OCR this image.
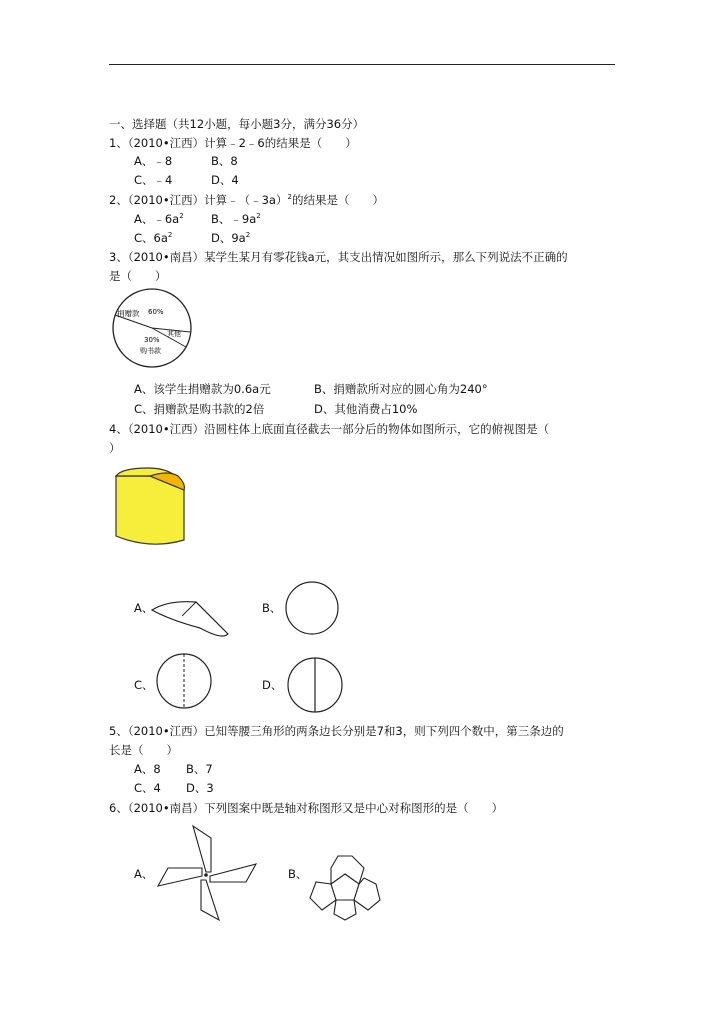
一、选择题（共12小题，每小题3分，满分36分）
1、（2010•江西）计算﹣2﹣6的结果是（　　）
A、﹣8	B、8
C、﹣4	D、4
2、（2010•江西）计算﹣（﹣3a）$^2$的结果是（　　）
A、$﹣6a^2$ B、$﹣9a^2$
C、$6a^2$	D、$9a^2$
3、（2010•南昌）某学生某月有零花钱a元，其支出情况如图所示，那么下列说法不正确的
是（　　）
捐赠款 60%
其他
30%
购书款
A、该学生捐赠款为0.6a元	B、捐赠款所对应的圆心角为240°
C、捐赠款是购书款的2倍	D、其他消费占10%
4、（2010•江西）沿圆柱体上底面直径截去一部分后的物体如图所示，它的俯视图是（
）
A、	B、
C、	D、
5、（2010•江西）已知等腰三角形的两条边长分别是7和3，则下列四个数中，第三条边的
长是（　　）
A、8 B、7
C、4 D、3
6、（2010•南昌）下列图案中既是轴对称图形又是中心对称图形的是（　　）
A、	B、
